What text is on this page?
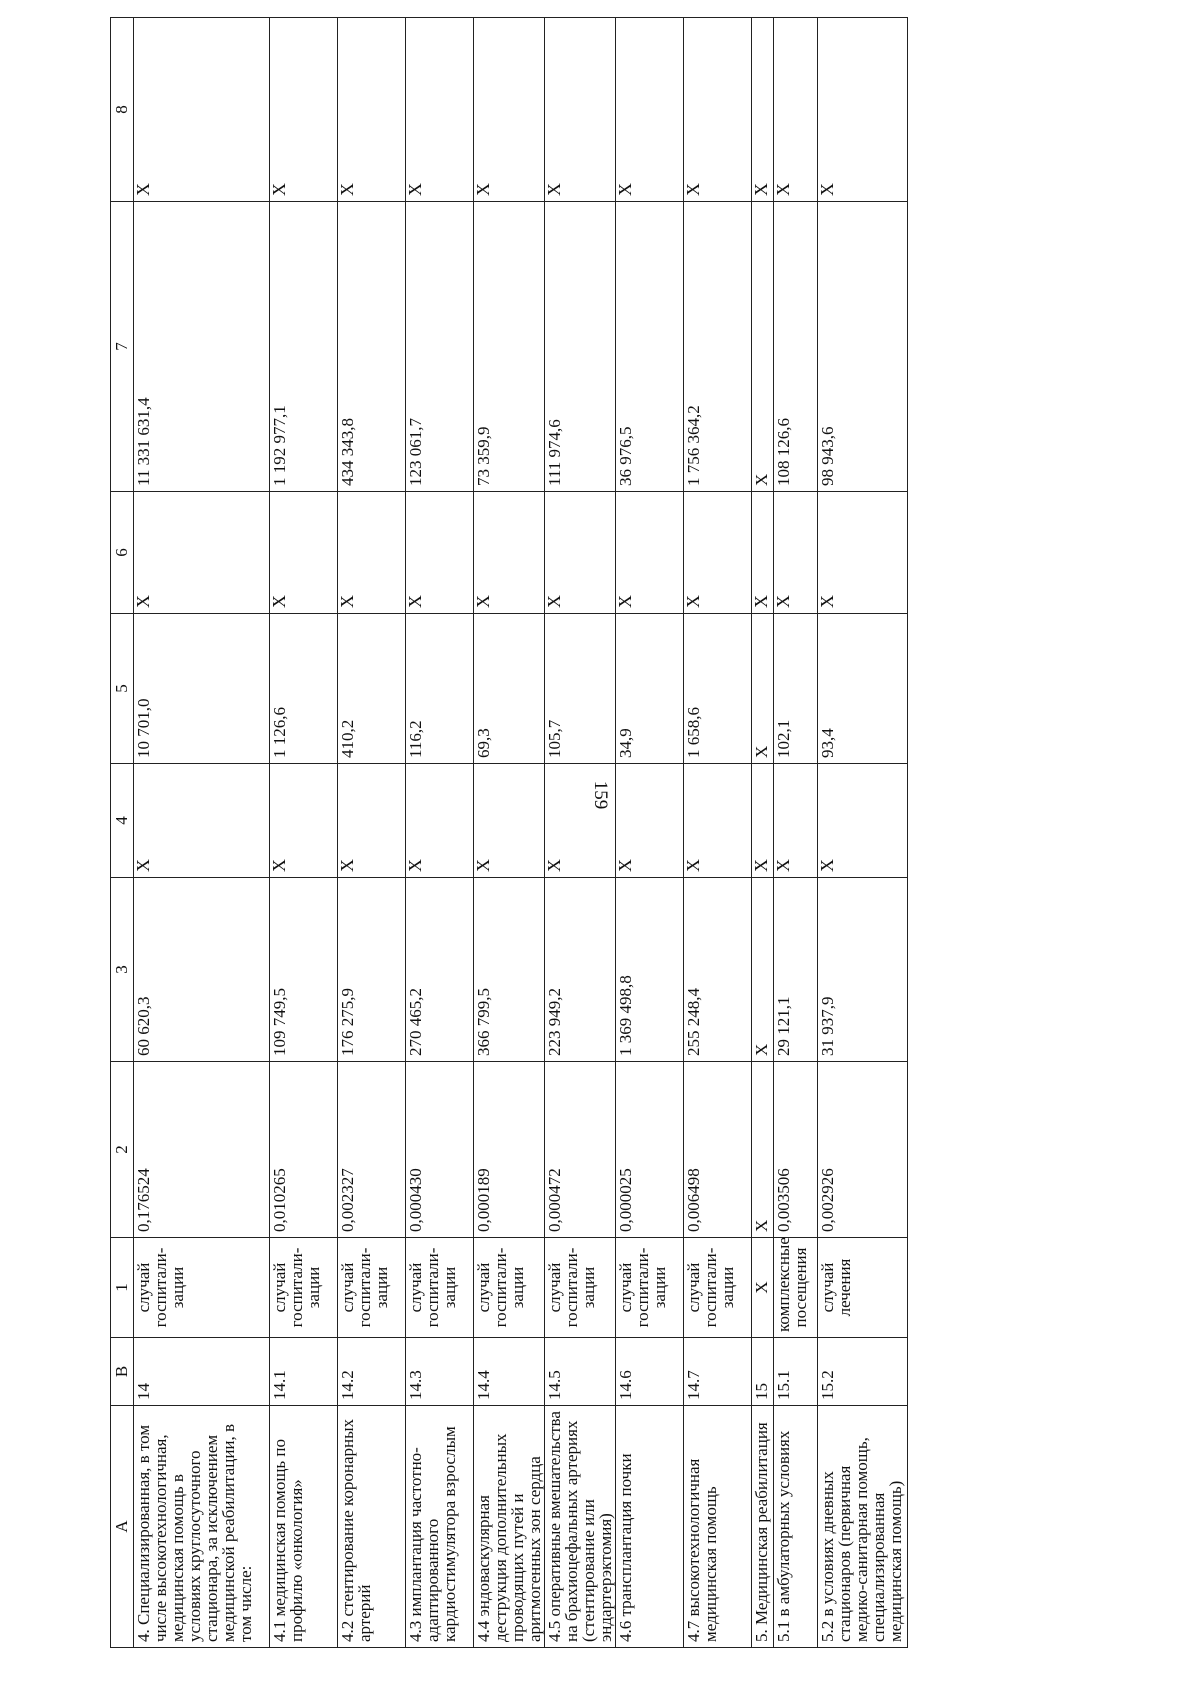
159
A	B	1	2	3	4	5	6	7	8
4. Специализированная, в том числе высокотехнологичная, медицинская помощь в условиях круглосуточного стационара, за исключением медицинской реабилитации, в том числе:	14	случай госпитали-зации	0,176524	60 620,3	X	10 701,0	X	11 331 631,4	X
4.1 медицинская помощь по профилю «онкология»	14.1	случай госпитали-зации	0,010265	109 749,5	X	1 126,6	X	1 192 977,1	X
4.2 стентирование коронарных артерий	14.2	случай госпитали-зации	0,002327	176 275,9	X	410,2	X	434 343,8	X
4.3 имплантация частотно-адаптированного кардиостимулятора взрослым	14.3	случай госпитали-зации	0,000430	270 465,2	X	116,2	X	123 061,7	X
4.4 эндоваскулярная деструкция дополнительных проводящих путей и аритмогенных зон сердца	14.4	случай госпитали-зации	0,000189	366 799,5	X	69,3	X	73 359,9	X
4.5 оперативные вмешательства на брахиоцефальных артериях (стентирование или эндартерэктомия)	14.5	случай госпитали-зации	0,000472	223 949,2	X	105,7	X	111 974,6	X
4.6 трансплантация почки	14.6	случай госпитали-зации	0,000025	1 369 498,8	X	34,9	X	36 976,5	X
4.7 высокотехнологичная медицинская помощь	14.7	случай госпитали-зации	0,006498	255 248,4	X	1 658,6	X	1 756 364,2	X
5. Медицинская реабилитация	15	X	X	X	X	X	X	X	X
5.1 в амбулаторных условиях	15.1	комплексные посещения	0,003506	29 121,1	X	102,1	X	108 126,6	X
5.2 в условиях дневных стационаров (первичная медико-санитарная помощь, специализированная медицинская помощь)	15.2	случай лечения	0,002926	31 937,9	X	93,4	X	98 943,6	X
